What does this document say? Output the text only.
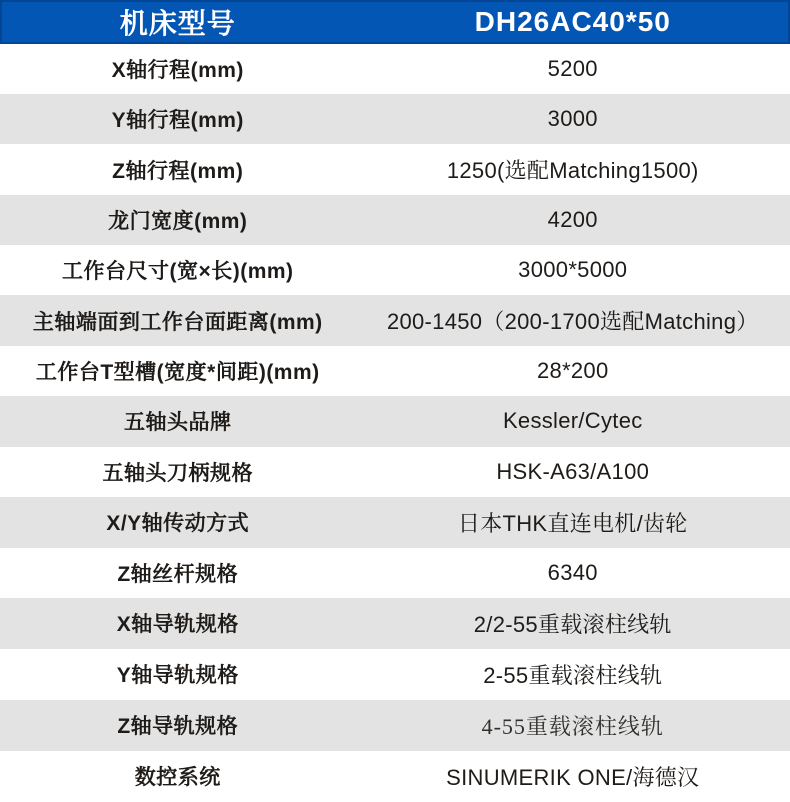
机床型号	DH26AC40*50
X轴行程(mm)	5200
Y轴行程(mm)	3000
Z轴行程(mm)	1250(选配Matching1500)
龙门宽度(mm)	4200
工作台尺寸(宽×长)(mm)	3000*5000
主轴端面到工作台面距离(mm)	200-1450（200-1700选配Matching）
工作台T型槽(宽度*间距)(mm)	28*200
五轴头品牌	Kessler/Cytec
五轴头刀柄规格	HSK-A63/A100
X/Y轴传动方式	日本THK直连电机/齿轮
Z轴丝杆规格	6340
X轴导轨规格	2/2-55重载滚柱线轨
Y轴导轨规格	2-55重载滚柱线轨
Z轴导轨规格	4-55重载滚柱线轨
数控系统	SINUMERIK ONE/海德汉
